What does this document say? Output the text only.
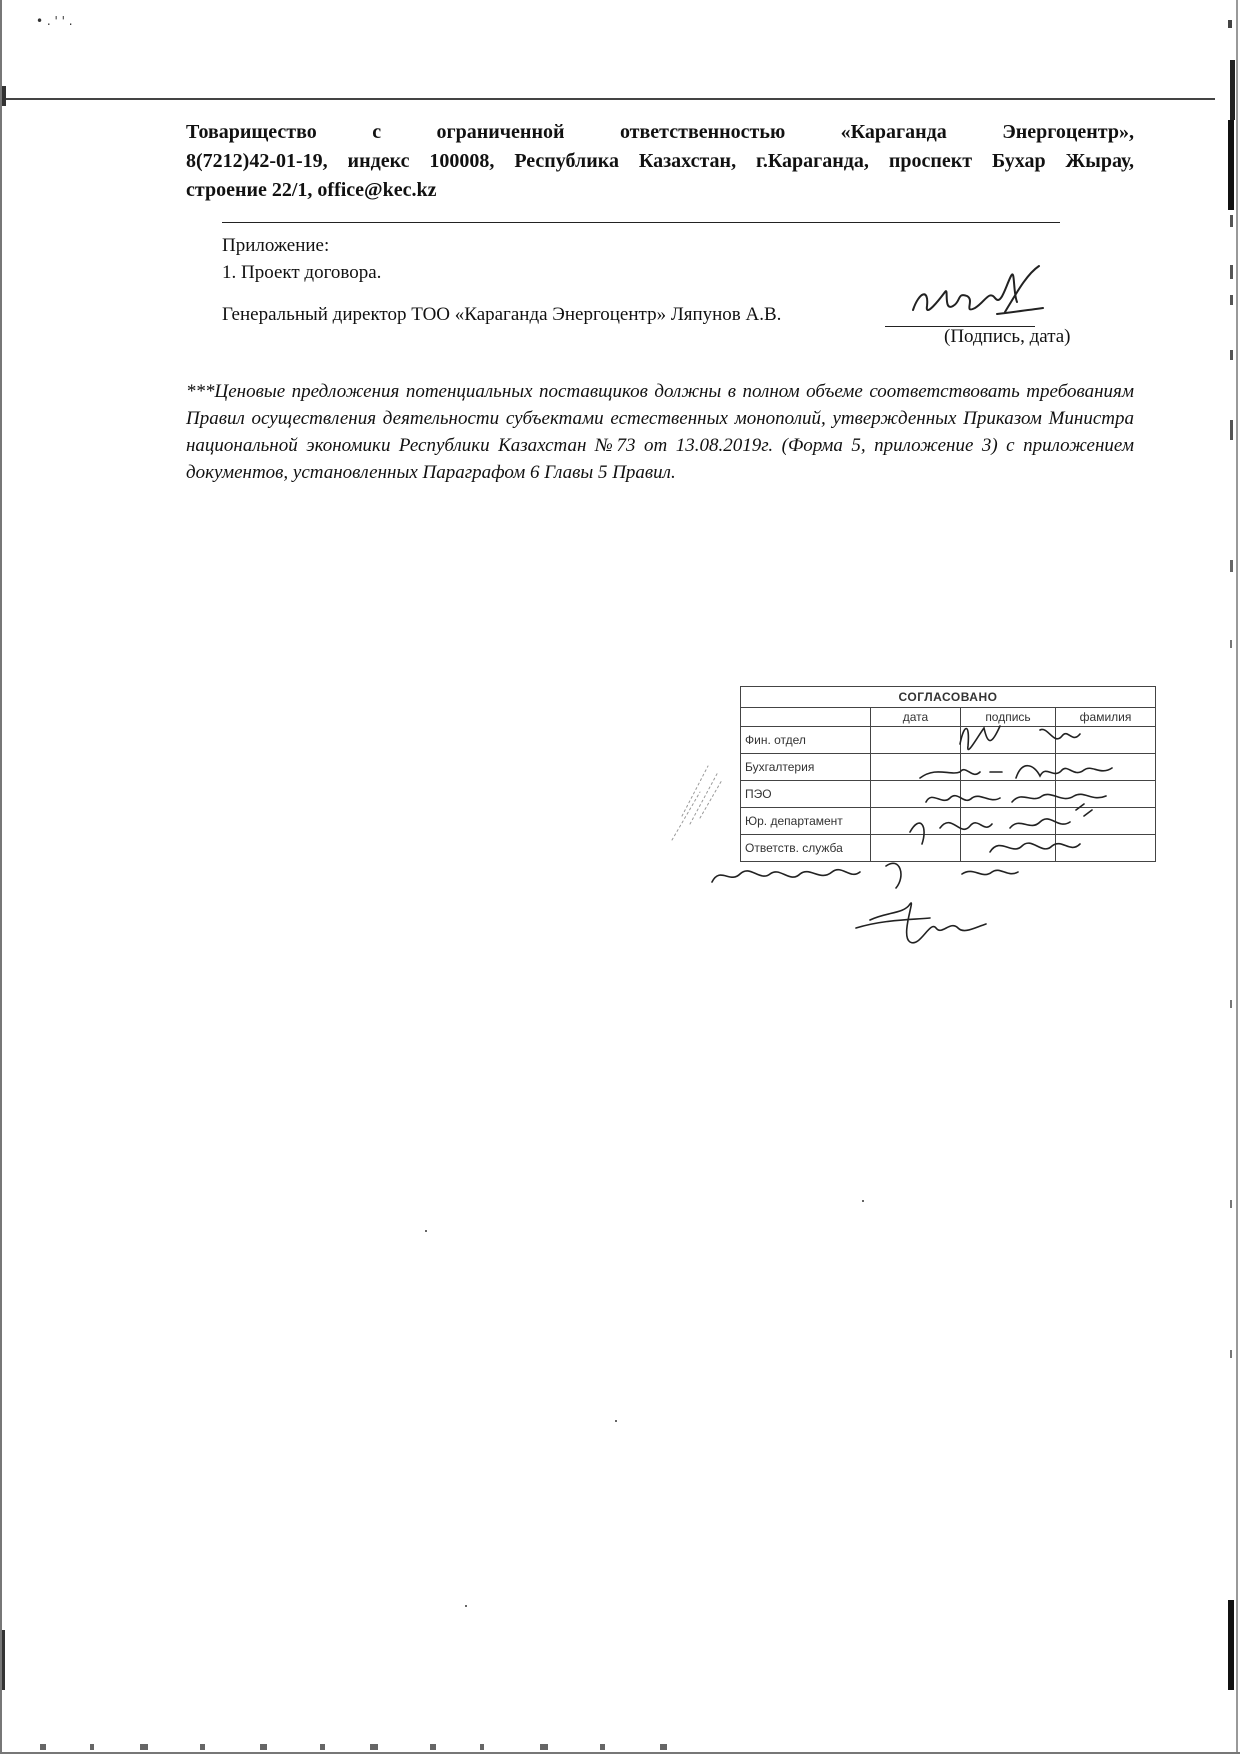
• . ' ' .
Товарищество с ограниченной ответственностью «Караганда Энергоцентр»,
8(7212)42-01-19, индекс 100008, Республика Казахстан, г.Караганда, проспект Бухар Жырау,
строение 22/1, office@kec.kz
Приложение:
1. Проект договора.
Генеральный директор ТОО «Караганда Энергоцентр» Ляпунов А.В.
(Подпись, дата)
***Ценовые предложения потенциальных поставщиков должны в полном объеме соответствовать требованиям Правил осуществления деятельности субъектами естественных монополий, утвержденных Приказом Министра национальной экономики Республики Казахстан №73 от 13.08.2019г. (Форма 5, приложение 3) с приложением документов, установленных Параграфом 6 Главы 5 Правил.
СОГЛАСОВАНО			
	дата	подпись	фамилия
Фин. отдел			
Бухгалтерия			
ПЭО			
Юр. департамент			
Ответств. служба			
